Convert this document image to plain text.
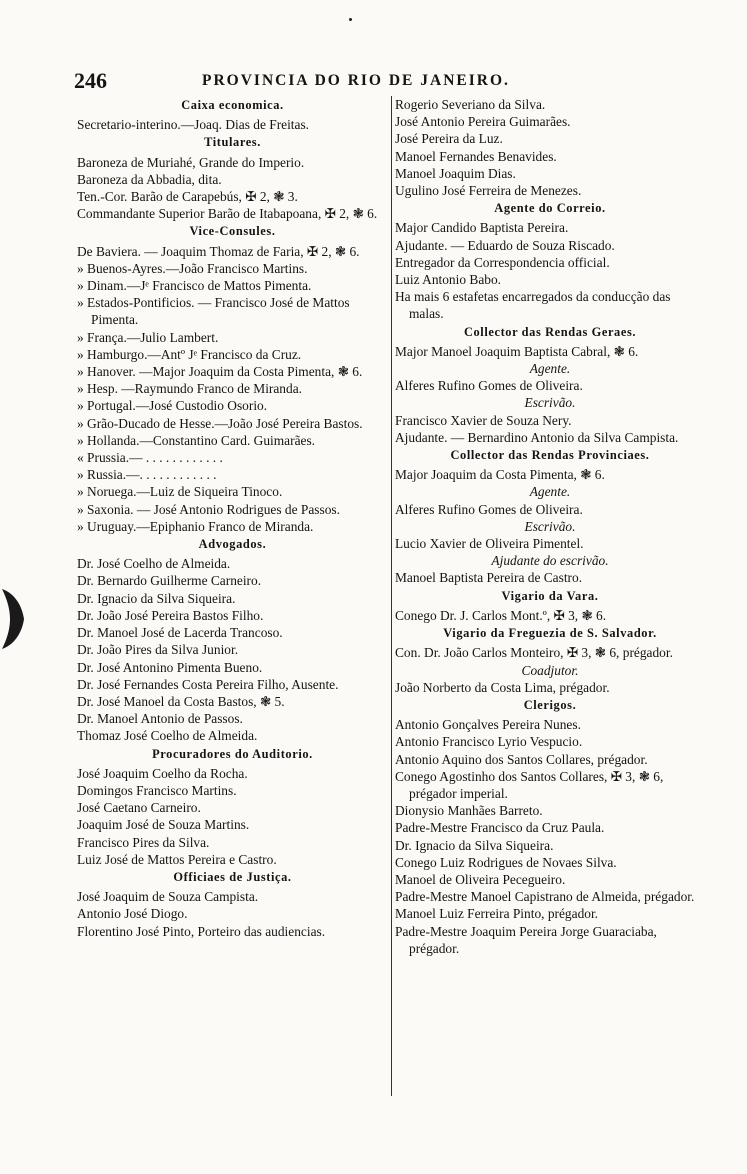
246	PROVINCIA DO RIO DE JANEIRO.
Caixa economica.
Secretario-interino.—Joaq. Dias de Freitas.
Titulares.
Baroneza de Muriahé, Grande do Imperio.
Baroneza da Abbadia, dita.
Ten.-Cor. Barão de Carapebús, ✠ 2, ❃ 3.
Commandante Superior Barão de Itabapoana, ✠ 2, ❃ 6.
Vice-Consules.
De Baviera. — Joaquim Thomaz de Faria, ✠ 2, ❃ 6.
» Buenos-Ayres.—João Francisco Martins.
» Dinam.—Jᵉ Francisco de Mattos Pimenta.
» Estados-Pontificios. — Francisco José de Mattos Pimenta.
» França.—Julio Lambert.
» Hamburgo.—Antº Jᵉ Francisco da Cruz.
» Hanover. —Major Joaquim da Costa Pimenta, ❃ 6.
» Hesp. —Raymundo Franco de Miranda.
» Portugal.—José Custodio Osorio.
» Grão-Ducado de Hesse.—João José Pereira Bastos.
» Hollanda.—Constantino Card. Guimarães.
« Prussia.— . . . . . . . . . . . .
» Russia.—. . . . . . . . . . . .
» Noruega.—Luiz de Siqueira Tinoco.
» Saxonia. — José Antonio Rodrigues de Passos.
» Uruguay.—Epiphanio Franco de Miranda.
Advogados.
Dr. José Coelho de Almeida.
Dr. Bernardo Guilherme Carneiro.
Dr. Ignacio da Silva Siqueira.
Dr. João José Pereira Bastos Filho.
Dr. Manoel José de Lacerda Trancoso.
Dr. João Pires da Silva Junior.
Dr. José Antonino Pimenta Bueno.
Dr. José Fernandes Costa Pereira Filho, Ausente.
Dr. José Manoel da Costa Bastos, ❃ 5.
Dr. Manoel Antonio de Passos.
Thomaz José Coelho de Almeida.
Procuradores do Auditorio.
José Joaquim Coelho da Rocha.
Domingos Francisco Martins.
José Caetano Carneiro.
Joaquim José de Souza Martins.
Francisco Pires da Silva.
Luiz José de Mattos Pereira e Castro.
Officiaes de Justiça.
José Joaquim de Souza Campista.
Antonio José Diogo.
Florentino José Pinto, Porteiro das audiencias.
Rogerio Severiano da Silva.
José Antonio Pereira Guimarães.
José Pereira da Luz.
Manoel Fernandes Benavides.
Manoel Joaquim Dias.
Ugulino José Ferreira de Menezes.
Agente do Correio.
Major Candido Baptista Pereira.
Ajudante. — Eduardo de Souza Riscado.
Entregador da Correspondencia official.
Luiz Antonio Babo.
Ha mais 6 estafetas encarregados da conducção das malas.
Collector das Rendas Geraes.
Major Manoel Joaquim Baptista Cabral, ❃ 6.
Agente.
Alferes Rufino Gomes de Oliveira.
Escrivão.
Francisco Xavier de Souza Nery.
Ajudante. — Bernardino Antonio da Silva Campista.
Collector das Rendas Provinciaes.
Major Joaquim da Costa Pimenta, ❃ 6.
Agente.
Alferes Rufino Gomes de Oliveira.
Escrivão.
Lucio Xavier de Oliveira Pimentel.
Ajudante do escrivão.
Manoel Baptista Pereira de Castro.
Vigario da Vara.
Conego Dr. J. Carlos Mont.º, ✠ 3, ❃ 6.
Vigario da Freguezia de S. Salvador.
Con. Dr. João Carlos Monteiro, ✠ 3, ❃ 6, prégador.
Coadjutor.
João Norberto da Costa Lima, prégador.
Clerigos.
Antonio Gonçalves Pereira Nunes.
Antonio Francisco Lyrio Vespucio.
Antonio Aquino dos Santos Collares, prégador.
Conego Agostinho dos Santos Collares, ✠ 3, ❃ 6, prégador imperial.
Dionysio Manhães Barreto.
Padre-Mestre Francisco da Cruz Paula.
Dr. Ignacio da Silva Siqueira.
Conego Luiz Rodrigues de Novaes Silva.
Manoel de Oliveira Pecegueiro.
Padre-Mestre Manoel Capistrano de Almeida, prégador.
Manoel Luiz Ferreira Pinto, prégador.
Padre-Mestre Joaquim Pereira Jorge Guaraciaba, prégador.
